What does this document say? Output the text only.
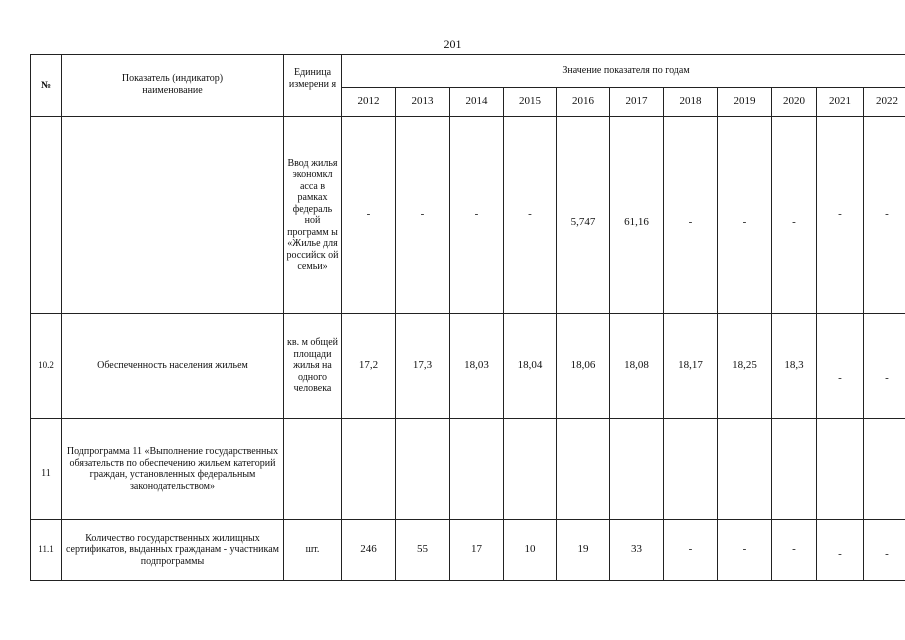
201
№	Показатель (индикатор) наименование	Единица измерени я	Значение показателя по годам										
			2012	2013	2014	2015	2016	2017	2018	2019	2020	2021	2022
		Ввод жилья экономкл асса в рамках федераль ной программ ы «Жилье для российск ой семьи»	-	-	-	-	5,747	61,16	-	-	-	-	-
10.2	Обеспеченность населения жильем	кв. м общей площади жилья на одного человека	17,2	17,3	18,03	18,04	18,06	18,08	18,17	18,25	18,3	-	-
11	Подпрограмма 11 «Выполнение государственных обязательств по обеспечению жильем категорий граждан, установленных федеральным законодательством»												
11.1	Количество государственных жилищных сертификатов, выданных гражданам - участникам подпрограммы	шт.	246	55	17	10	19	33	-	-	-	-	-
